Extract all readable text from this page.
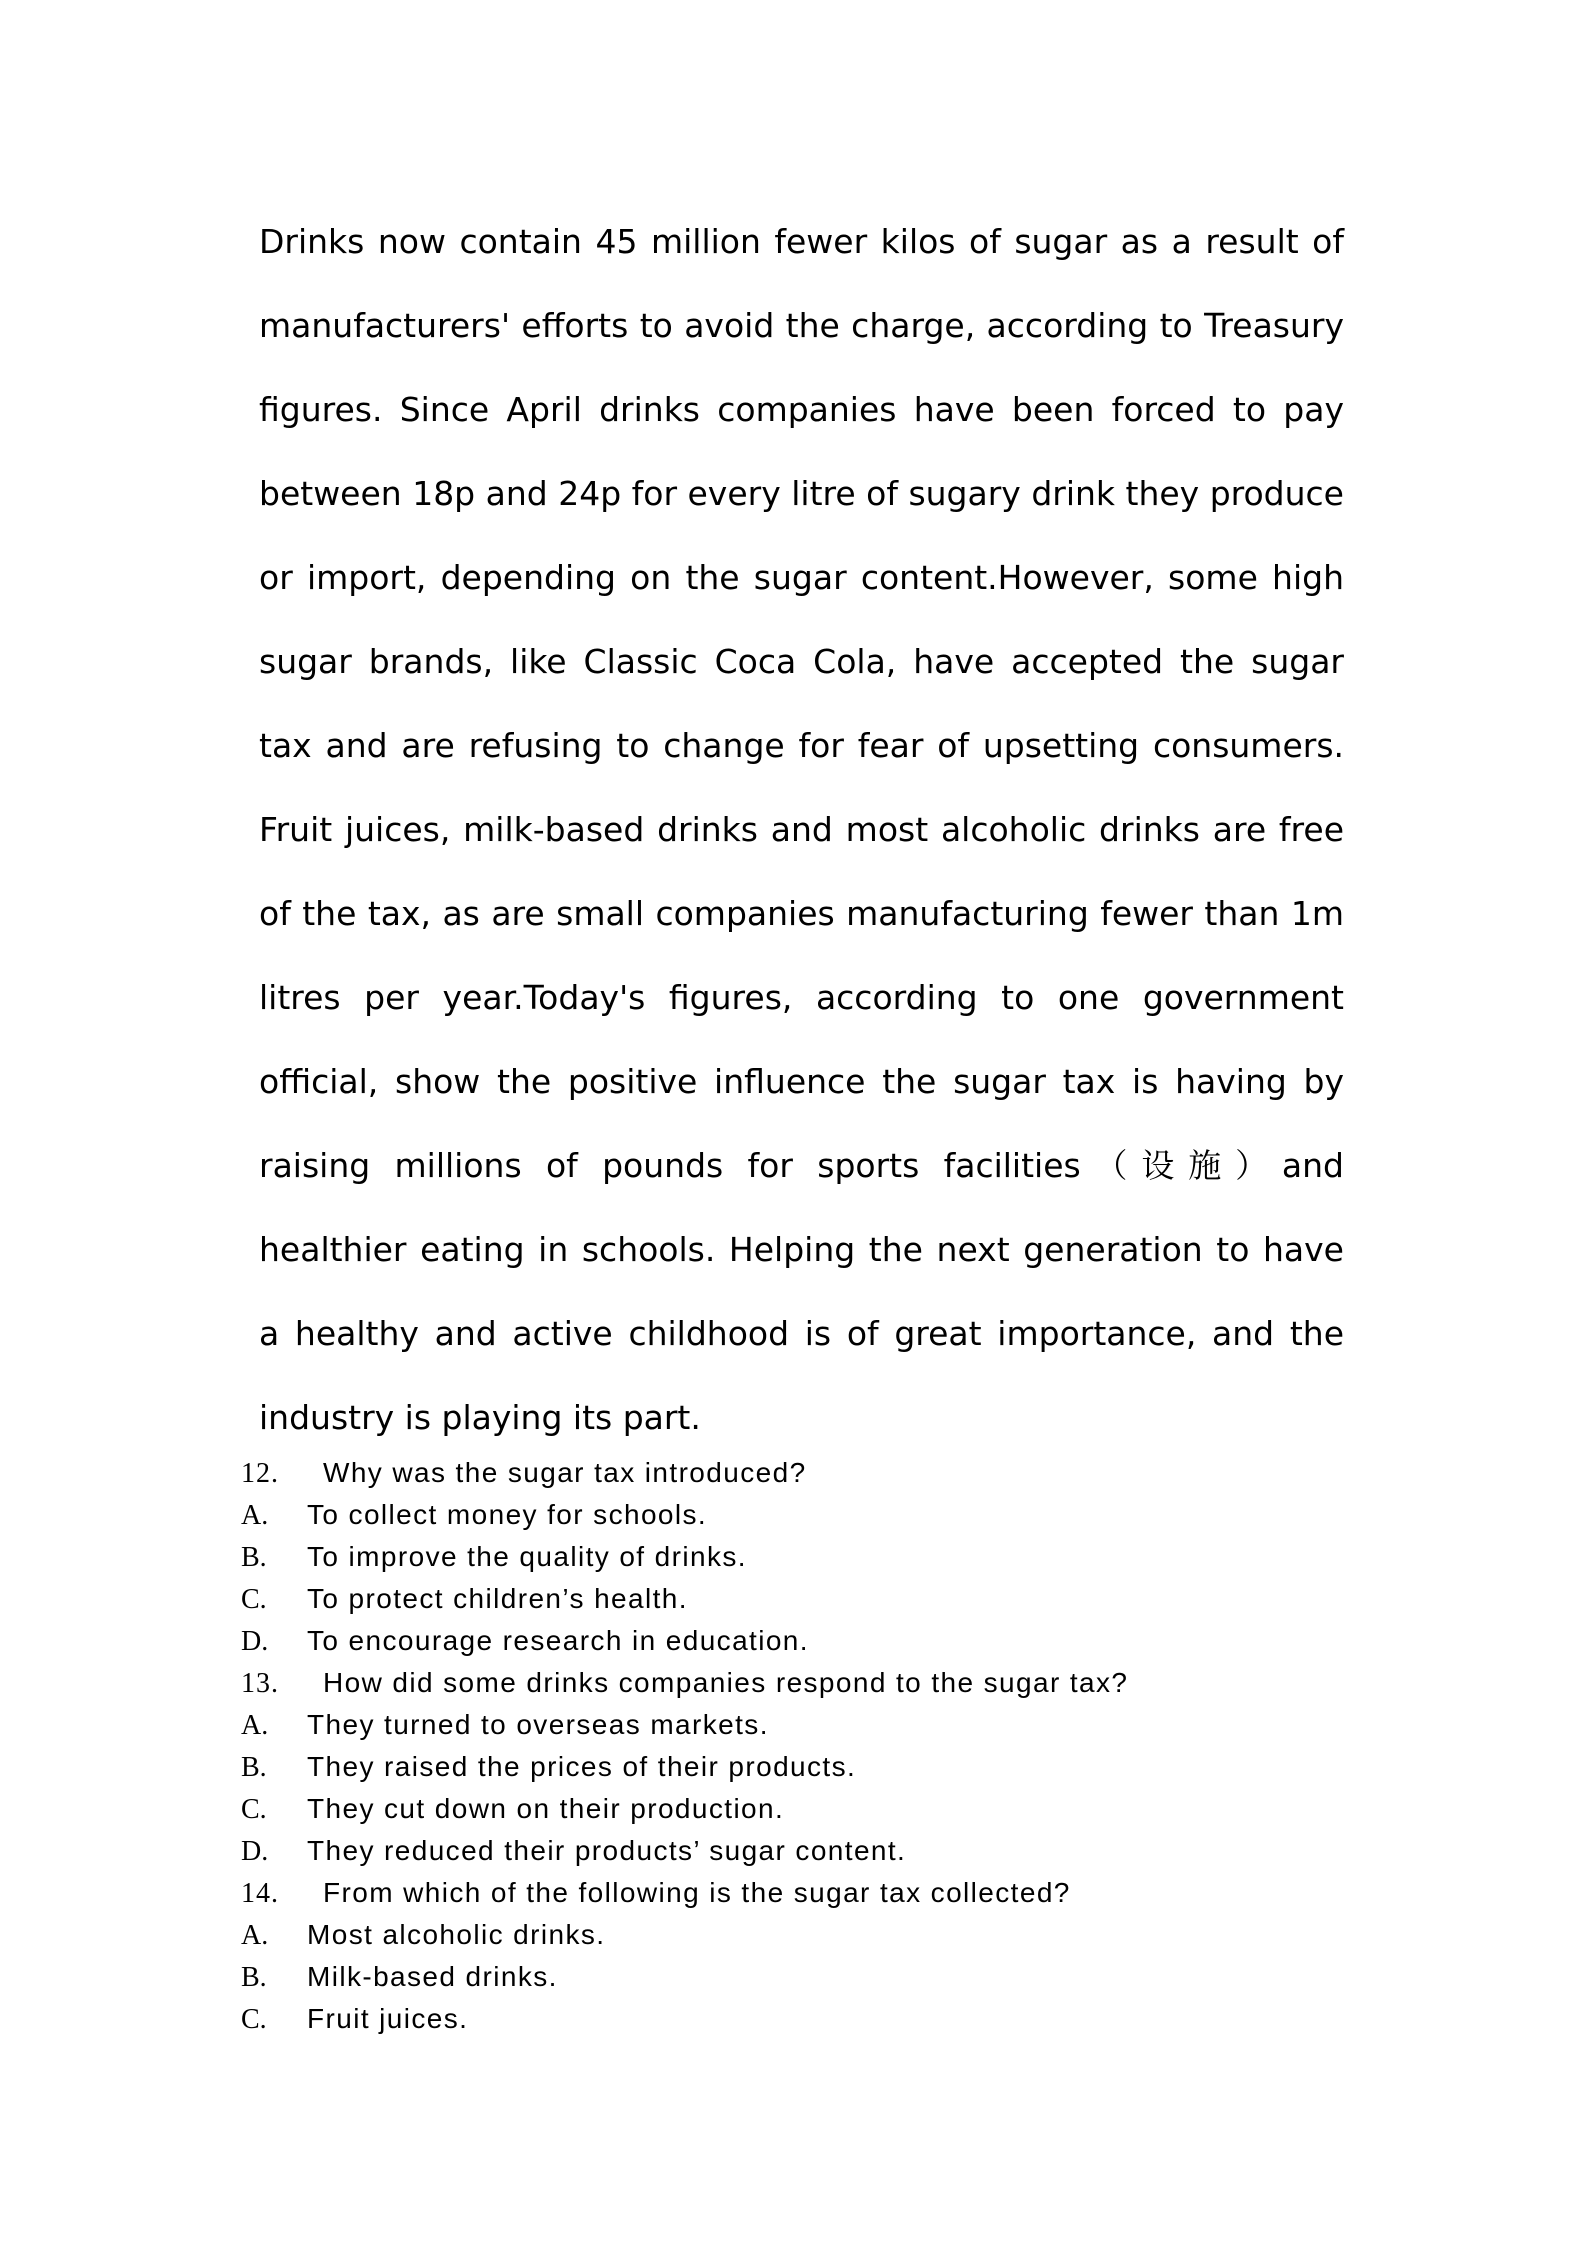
Drinks now contain 45 million fewer kilos of sugar as a result of manufacturers' efforts to avoid the charge, according to Treasury figures. Since April drinks companies have been forced to pay between 18p and 24p for every litre of sugary drink they produce or import, depending on the sugar content.However, some high sugar brands, like Classic Coca Cola, have accepted the sugar tax and are refusing to change for fear of upsetting consumers. Fruit juices, milk-based drinks and most alcoholic drinks are free of the tax, as are small companies manufacturing fewer than 1m litres per year.Today's figures, according to one government official, show the positive influence the sugar tax is having by raising millions of pounds for sports facilities（设施）and healthier eating in schools. Helping the next generation to have a healthy and active childhood is of great importance, and the industry is playing its part.

12.	Why was the sugar tax introduced?
A.	To collect money for schools.
B.	To improve the quality of drinks.
C.	To protect children’s health.
D.	To encourage research in education.
13.	How did some drinks companies respond to the sugar tax?
A.	They turned to overseas markets.
B.	They raised the prices of their products.
C.	They cut down on their production.
D.	They reduced their products’ sugar content.
14.	From which of the following is the sugar tax collected?
A.	Most alcoholic drinks.
B.	Milk-based drinks.
C.	Fruit juices.
